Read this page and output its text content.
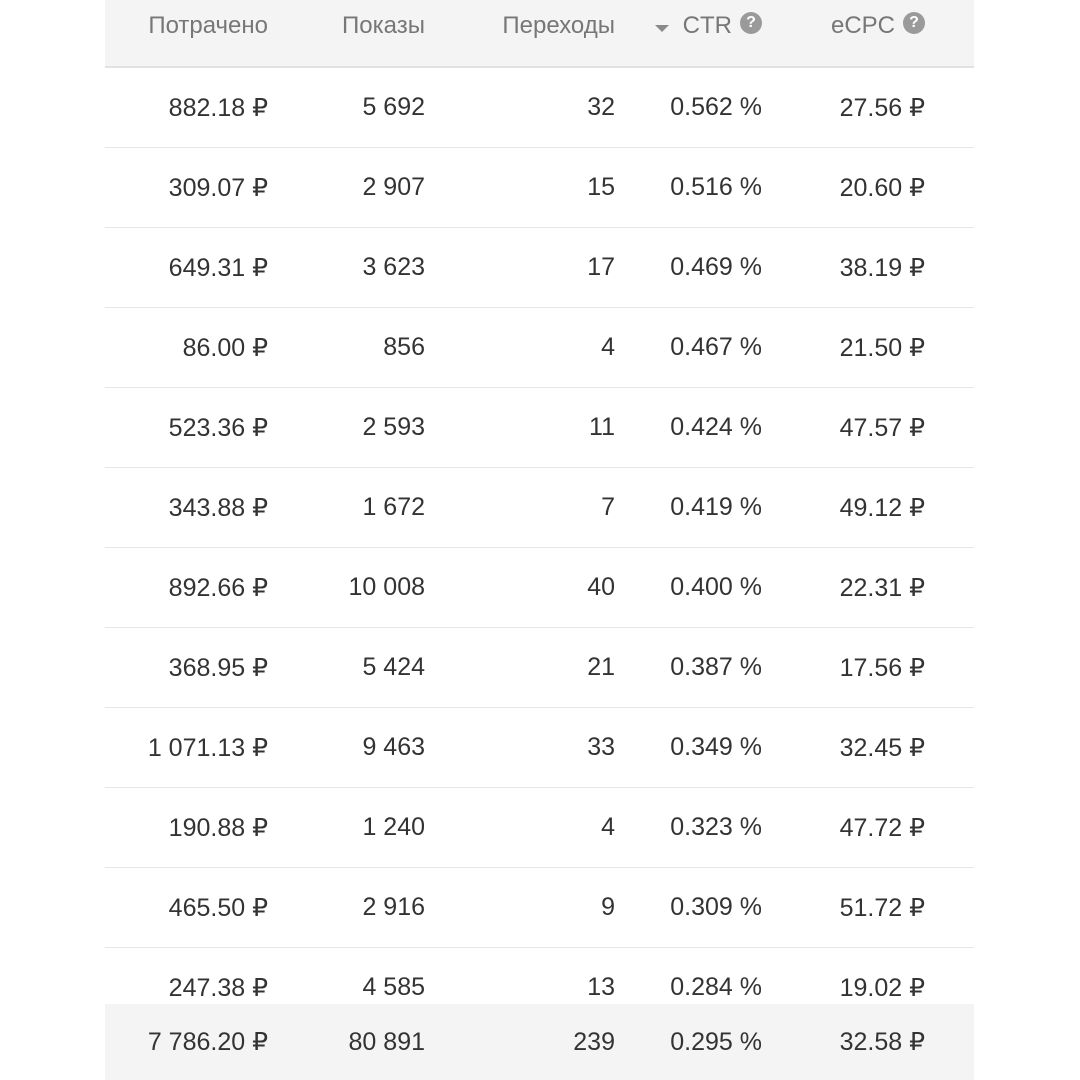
Потрачено	Показы	Переходы	CTR ?	eCPC ?
882.18 ₽	5 692	32	0.562 %	27.56 ₽
309.07 ₽	2 907	15	0.516 %	20.60 ₽
649.31 ₽	3 623	17	0.469 %	38.19 ₽
86.00 ₽	856	4	0.467 %	21.50 ₽
523.36 ₽	2 593	11	0.424 %	47.57 ₽
343.88 ₽	1 672	7	0.419 %	49.12 ₽
892.66 ₽	10 008	40	0.400 %	22.31 ₽
368.95 ₽	5 424	21	0.387 %	17.56 ₽
1 071.13 ₽	9 463	33	0.349 %	32.45 ₽
190.88 ₽	1 240	4	0.323 %	47.72 ₽
465.50 ₽	2 916	9	0.309 %	51.72 ₽
247.38 ₽	4 585	13	0.284 %	19.02 ₽
7 786.20 ₽	80 891	239	0.295 %	32.58 ₽
